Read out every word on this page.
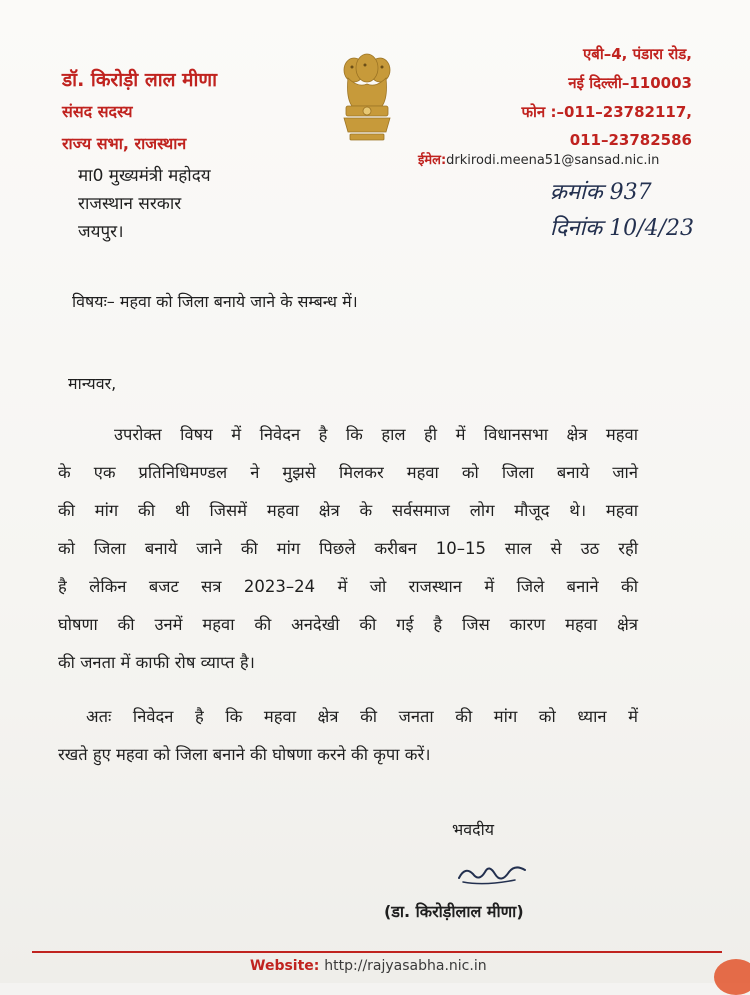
डॉ. किरोड़ी लाल मीणा
संसद सदस्य
राज्य सभा, राजस्थान
एबी–4, पंडारा रोड,
नई दिल्ली–110003
फोन :–011–23782117,
011–23782586
ईमेल:drkirodi.meena51@sansad.nic.in
क्रमांक 937
दिनांक 10/4/23
मा0 मुख्यमंत्री महोदय
राजस्थान सरकार
जयपुर।
विषयः– महवा को जिला बनाये जाने के सम्बन्ध में।
मान्यवर,
उपरोक्त विषय में निवेदन है कि हाल ही में विधानसभा क्षेत्र महवा
के एक प्रतिनिधिमण्डल ने मुझसे मिलकर महवा को जिला बनाये जाने
की मांग की थी जिसमें महवा क्षेत्र के सर्वसमाज लोग मौजूद थे। महवा
को जिला बनाये जाने की मांग पिछले करीबन 10–15 साल से उठ रही
है लेकिन बजट सत्र 2023–24 में जो राजस्थान में जिले बनाने की
घोषणा की उनमें महवा की अनदेखी की गई है जिस कारण महवा क्षेत्र
की जनता में काफी रोष व्याप्त है।
अतः निवेदन है कि महवा क्षेत्र की जनता की मांग को ध्यान में
रखते हुए महवा को जिला बनाने की घोषणा करने की कृपा करें।
भवदीय
(डा. किरोड़ीलाल मीणा)
Website: http://rajyasabha.nic.in
